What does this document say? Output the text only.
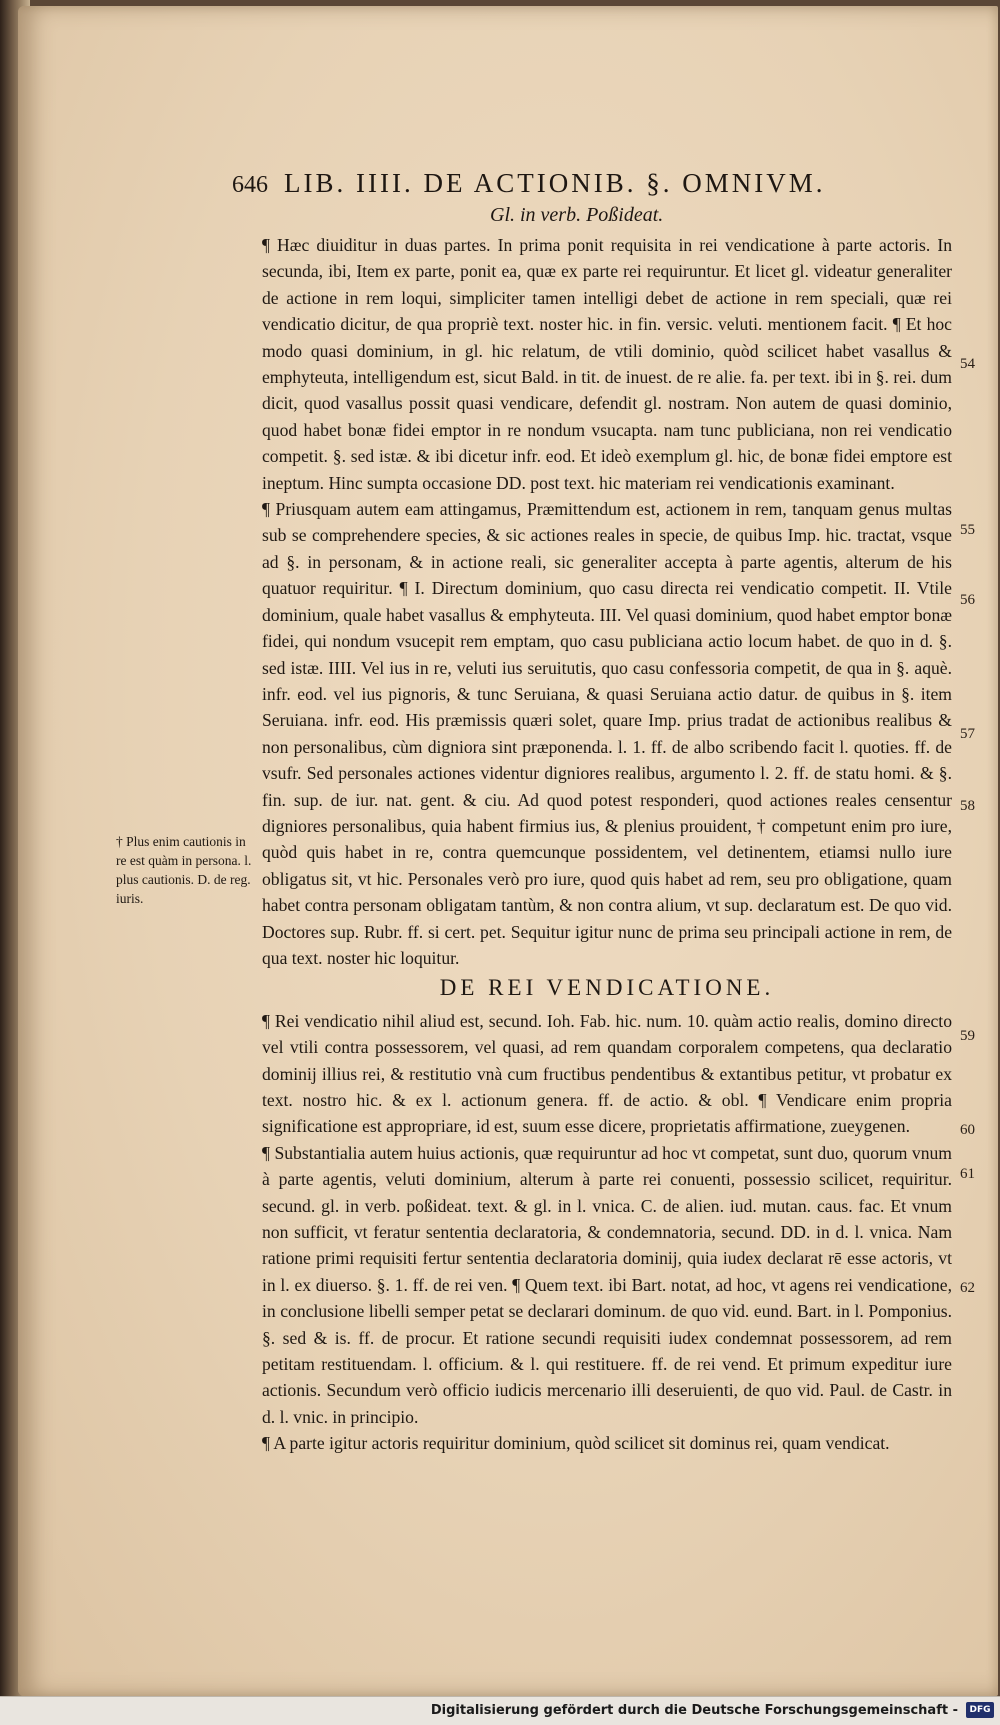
646 LIB. IIII. DE ACTIONIB. §. OMNIVM.
Gl. in verb. Poßideat.

¶ Hæc diuiditur in duas partes. In prima ponit requisita in rei vendicatione à parte actoris. In secunda, ibi, Item ex parte, ponit ea, quæ ex parte rei requiruntur. Et licet gl. videatur generaliter de actione in rem loqui, simpliciter tamen intelligi debet de actione in rem speciali, quæ rei vendicatio dicitur, de qua propriè text. noster hic. in fin. versic. veluti. mentionem facit. ¶ Et hoc modo quasi dominium, in gl. hic relatum, de vtili dominio, quòd scilicet habet vasallus & emphyteuta, intelligendum est, sicut Bald. in tit. de inuest. de re alie. fa. per text. ibi in §. rei. dum dicit, quod vasallus possit quasi vendicare, defendit gl. nostram. Non autem de quasi dominio, quod habet bonæ fidei emptor in re nondum vsucapta. nam tunc publiciana, non rei vendicatio competit. §. sed istæ. & ibi dicetur infr. eod. Et ideò exemplum gl. hic, de bonæ fidei emptore est ineptum. Hinc sumpta occasione DD. post text. hic materiam rei vendicationis examinant.

¶ Priusquam autem eam attingamus, Præmittendum est, actionem in rem, tanquam genus multas sub se comprehendere species, & sic actiones reales in specie, de quibus Imp. hic. tractat, vsque ad §. in personam, & in actione reali, sic generaliter accepta à parte agentis, alterum de his quatuor requiritur. ¶ I. Directum dominium, quo casu directa rei vendicatio competit. II. Vtile dominium, quale habet vasallus & emphyteuta. III. Vel quasi dominium, quod habet emptor bonæ fidei, qui nondum vsucepit rem emptam, quo casu publiciana actio locum habet. de quo in d. §. sed istæ. IIII. Vel ius in re, veluti ius seruitutis, quo casu confessoria competit, de qua in §. aquè. infr. eod. vel ius pignoris, & tunc Seruiana, & quasi Seruiana actio datur. de quibus in §. item Seruiana. infr. eod. His præmissis quæri solet, quare Imp. prius tradat de actionibus realibus & non personalibus, cùm digniora sint præponenda. l. 1. ff. de albo scribendo facit l. quoties. ff. de vsufr. Sed personales actiones videntur digniores realibus, argumento l. 2. ff. de statu homi. & §. fin. sup. de iur. nat. gent. & ciu. Ad quod potest responderi, quod actiones reales censentur digniores personalibus, quia habent firmius ius, & plenius prouident, † competunt enim pro iure, quòd quis habet in re, contra quemcunque possidentem, vel detinentem, etiamsi nullo iure obligatus sit, vt hic. Personales verò pro iure, quod quis habet ad rem, seu pro obligatione, quam habet contra personam obligatam tantùm, & non contra alium, vt sup. declaratum est. De quo vid. Doctores sup. Rubr. ff. si cert. pet. Sequitur igitur nunc de prima seu principali actione in rem, de qua text. noster hic loquitur.

DE REI VENDICATIONE.

¶ Rei vendicatio nihil aliud est, secund. Ioh. Fab. hic. num. 10. quàm actio realis, domino directo vel vtili contra possessorem, vel quasi, ad rem quandam corporalem competens, qua declaratio dominij illius rei, & restitutio vnà cum fructibus pendentibus & extantibus petitur, vt probatur ex text. nostro hic. & ex l. actionum genera. ff. de actio. & obl. ¶ Vendicare enim propria significatione est appropriare, id est, suum esse dicere, proprietatis affirmatione, zueygenen.

¶ Substantialia autem huius actionis, quæ requiruntur ad hoc vt competat, sunt duo, quorum vnum à parte agentis, veluti dominium, alterum à parte rei conuenti, possessio scilicet, requiritur. secund. gl. in verb. poßideat. text. & gl. in l. vnica. C. de alien. iud. mutan. caus. fac. Et vnum non sufficit, vt feratur sententia declaratoria, & condemnatoria, secund. DD. in d. l. vnica. Nam ratione primi requisiti fertur sententia declaratoria dominij, quia iudex declarat rē esse actoris, vt in l. ex diuerso. §. 1. ff. de rei ven. ¶ Quem text. ibi Bart. notat, ad hoc, vt agens rei vendicatione, in conclusione libelli semper petat se declarari dominum. de quo vid. eund. Bart. in l. Pomponius. §. sed & is. ff. de procur. Et ratione secundi requisiti iudex condemnat possessorem, ad rem petitam restituendam. l. officium. & l. qui restituere. ff. de rei vend. Et primum expeditur iure actionis. Secundum verò officio iudicis mercenario illi deseruienti, de quo vid. Paul. de Castr. in d. l. vnic. in principio.

¶ A parte igitur actoris requiritur dominium, quòd scilicet sit dominus rei, quam vendicat.

† Plus enim cautionis in re est quàm in persona. l. plus cautionis. D. de reg. iuris.
54
55
56
57
58
59
60
61
62
Digitalisierung gefördert durch die Deutsche Forschungsgemeinschaft -	DFG
